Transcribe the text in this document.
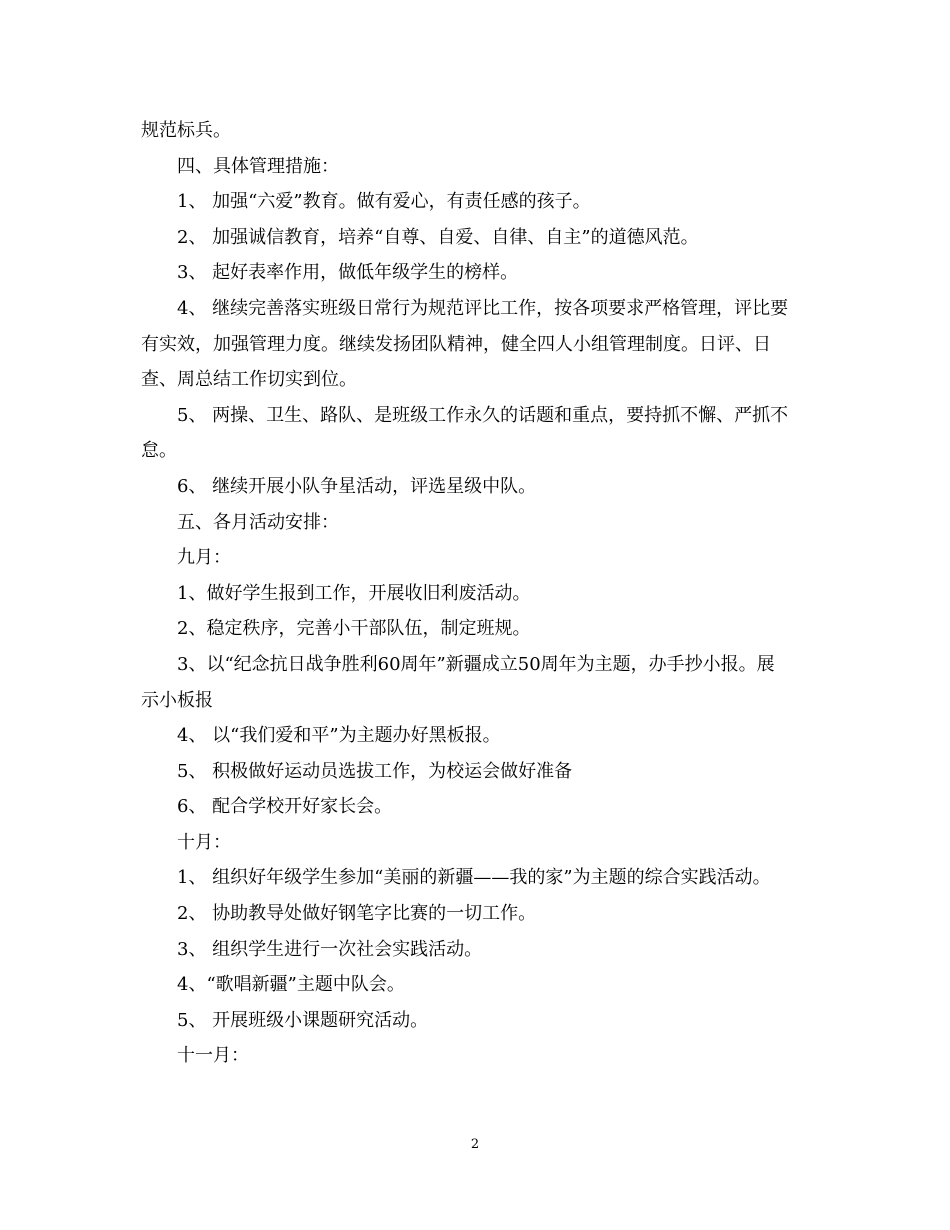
规范标兵。
四、具体管理措施：
1、 加强“六爱”教育。做有爱心，有责任感的孩子。
2、 加强诚信教育，培养“自尊、自爱、自律、自主”的道德风范。
3、 起好表率作用，做低年级学生的榜样。
4、 继续完善落实班级日常行为规范评比工作，按各项要求严格管理，评比要
有实效，加强管理力度。继续发扬团队精神，健全四人小组管理制度。日评、日
查、周总结工作切实到位。
5、 两操、卫生、路队、是班级工作永久的话题和重点，要持抓不懈、严抓不
怠。
6、 继续开展小队争星活动，评选星级中队。
五、各月活动安排：
九月：
1、做好学生报到工作，开展收旧利废活动。
2、稳定秩序，完善小干部队伍，制定班规。
3、以“纪念抗日战争胜利60周年”新疆成立50周年为主题，办手抄小报。展
示小板报
4、 以“我们爱和平”为主题办好黑板报。
5、 积极做好运动员选拔工作，为校运会做好准备
6、 配合学校开好家长会。
十月：
1、 组织好年级学生参加“美丽的新疆——我的家”为主题的综合实践活动。
2、 协助教导处做好钢笔字比赛的一切工作。
3、 组织学生进行一次社会实践活动。
4、“歌唱新疆”主题中队会。
5、 开展班级小课题研究活动。
十一月：
2
